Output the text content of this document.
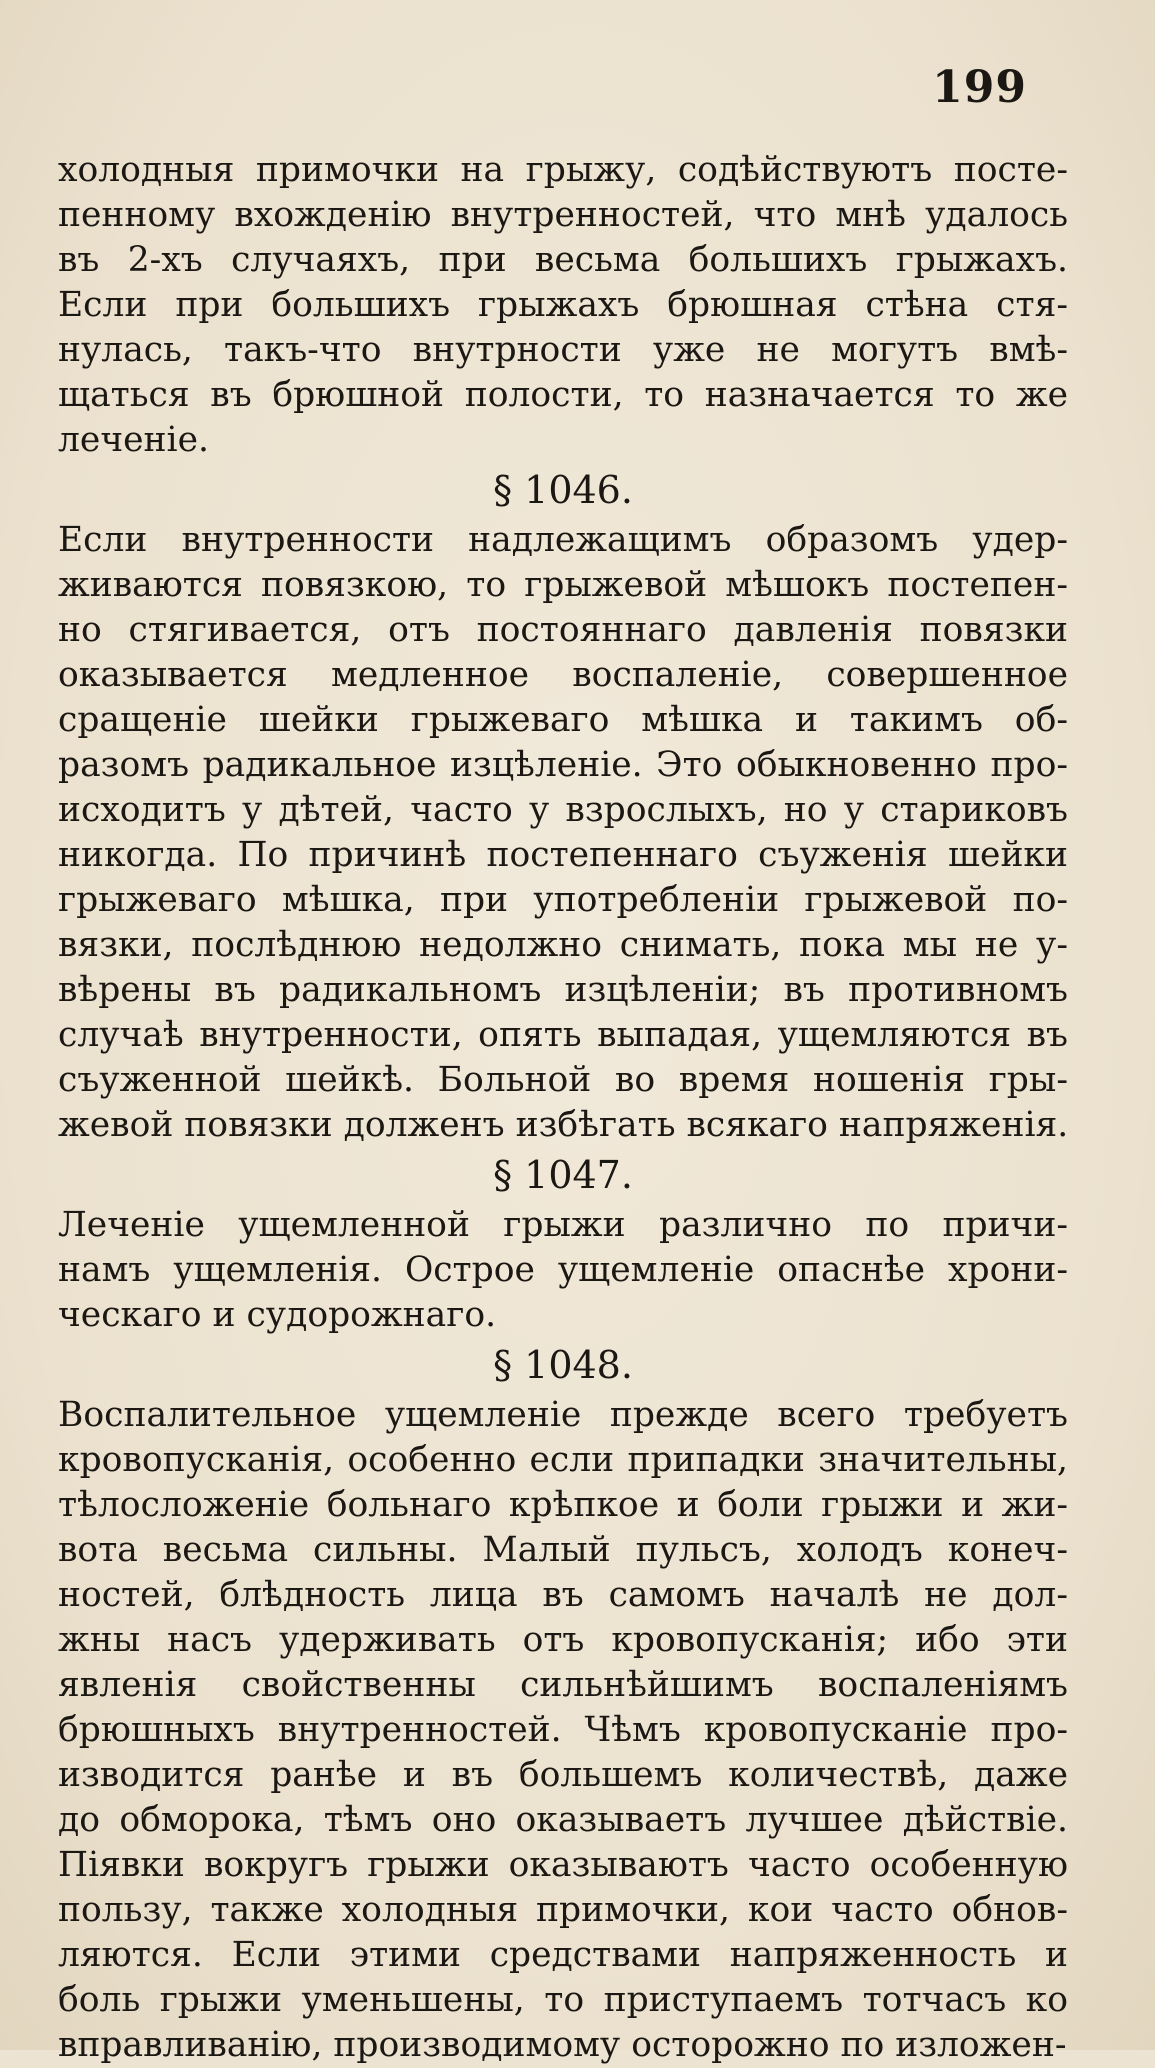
199
холодныя примочки на грыжу, содѣйствуютъ посте-
пенному вхожденію внутренностей, что мнѣ удалось
въ 2-хъ случаяхъ, при весьма большихъ грыжахъ.
Если при большихъ грыжахъ брюшная стѣна стя-
нулась, такъ-что внутрности уже не могутъ вмѣ-
щаться въ брюшной полости, то назначается то же
леченіе.
§ 1046.
Если внутренности надлежащимъ образомъ удер-
живаются повязкою, то грыжевой мѣшокъ постепен-
но стягивается, отъ постояннаго давленія повязки
оказывается медленное воспаленіе, совершенное
сращеніе шейки грыжеваго мѣшка и такимъ об-
разомъ радикальное изцѣленіе. Это обыкновенно про-
исходитъ у дѣтей, часто у взрослыхъ, но у стариковъ
никогда. По причинѣ постепеннаго съуженія шейки
грыжеваго мѣшка, при употребленіи грыжевой по-
вязки, послѣднюю недолжно снимать, пока мы не у-
вѣрены въ радикальномъ изцѣленіи; въ противномъ
случаѣ внутренности, опять выпадая, ущемляются въ
съуженной шейкѣ. Больной во время ношенія гры-
жевой повязки долженъ избѣгать всякаго напряженія.
§ 1047.
Леченіе ущемленной грыжи различно по причи-
намъ ущемленія. Острое ущемленіе опаснѣе хрони-
ческаго и судорожнаго.
§ 1048.
Воспалительное ущемленіе прежде всего требуетъ
кровопусканія, особенно если припадки значительны,
тѣлосложеніе больнаго крѣпкое и боли грыжи и жи-
вота весьма сильны. Малый пульсъ, холодъ конеч-
ностей, блѣдность лица въ самомъ началѣ не дол-
жны насъ удерживать отъ кровопусканія; ибо эти
явленія свойственны сильнѣйшимъ воспаленіямъ
брюшныхъ внутренностей. Чѣмъ кровопусканіе про-
изводится ранѣе и въ большемъ количествѣ, даже
до обморока, тѣмъ оно оказываетъ лучшее дѣйствіе.
Піявки вокругъ грыжи оказываютъ часто особенную
пользу, также холодныя примочки, кои часто обнов-
ляются. Если этими средствами напряженность и
боль грыжи уменьшены, то приступаемъ тотчасъ ко
вправливанію, производимому осторожно по изложен-
